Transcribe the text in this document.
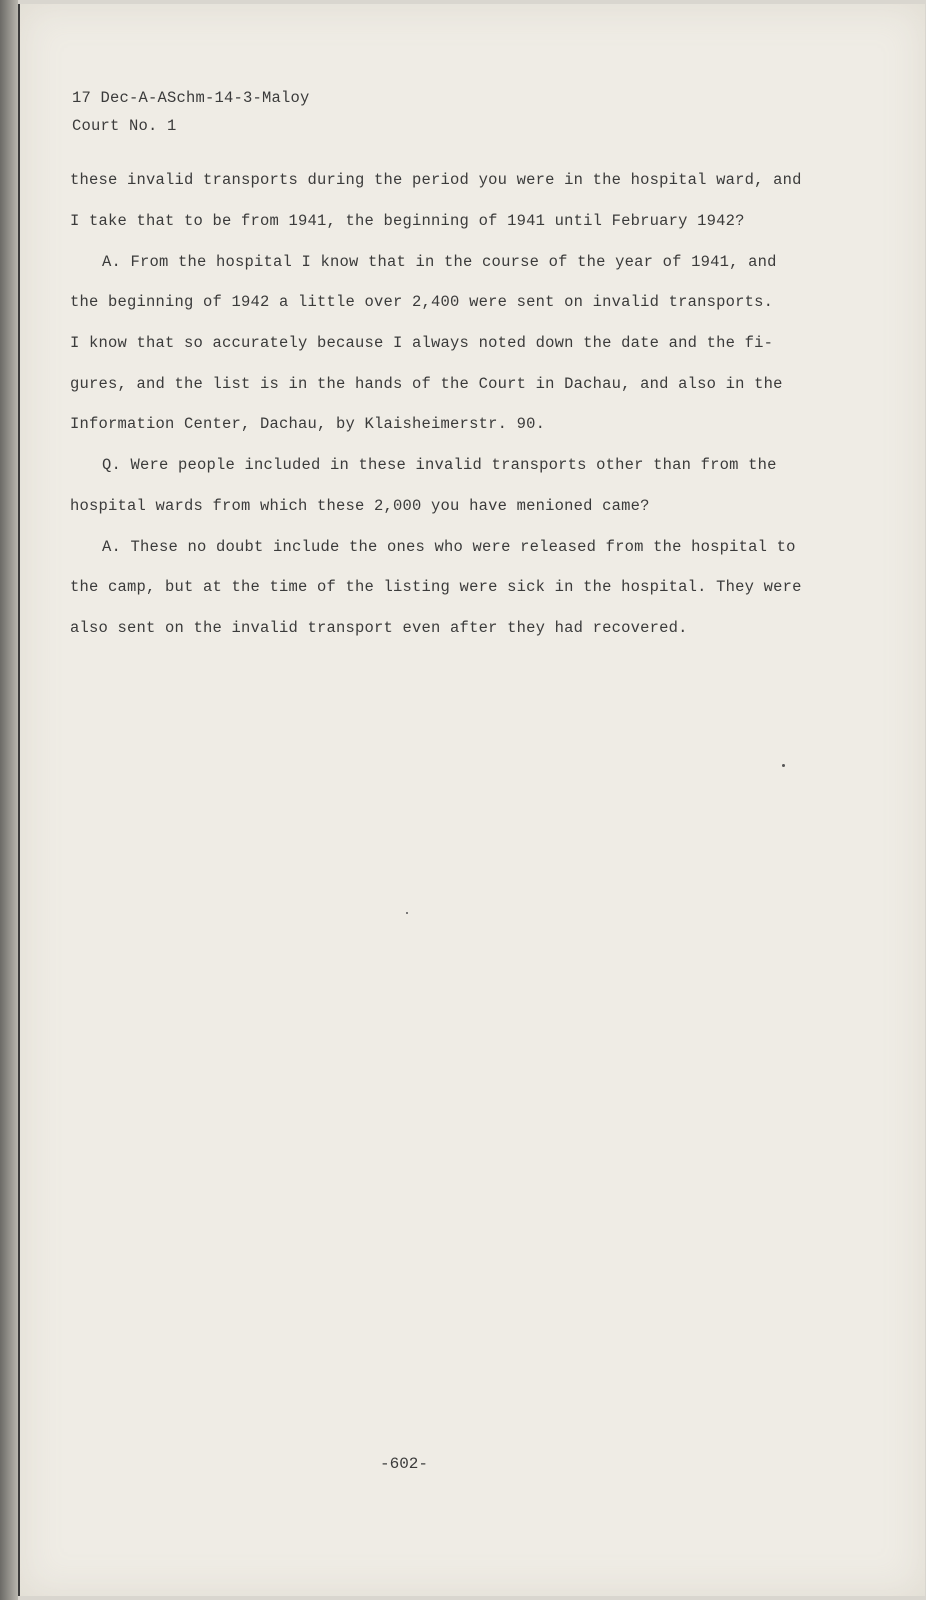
17 Dec-A-ASchm-14-3-Maloy

Court No. 1

these invalid transports during the period you were in the hospital ward, and

I take that to be from 1941, the beginning of 1941 until February 1942?

A. From the hospital I know that in the course of the year of 1941, and

the beginning of 1942 a little over 2,400 were sent on invalid transports.

I know that so accurately because I always noted down the date and the fi-

gures, and the list is in the hands of the Court in Dachau, and also in the

Information Center, Dachau, by Klaisheimerstr. 90.

Q. Were people included in these invalid transports other than from the

hospital wards from which these 2,000 you have menioned came?

A. These no doubt include the ones who were released from the hospital to

the camp, but at the time of the listing were sick in the hospital. They were

also sent on the invalid transport even after they had recovered.

-602-
